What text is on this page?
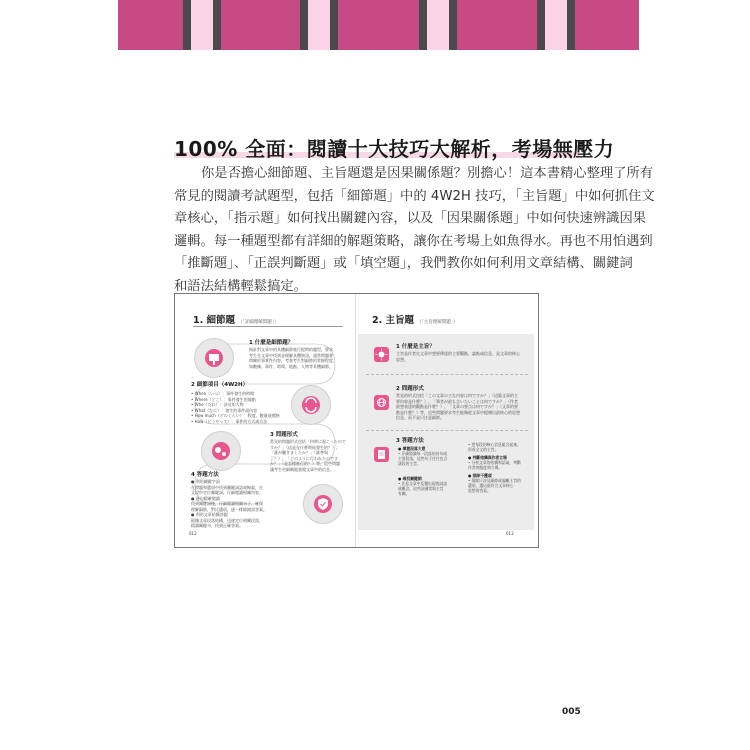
100% 全面：閱讀十大技巧大解析，考場無壓力
你是否擔心細節題、主旨題還是因果關係題？別擔心！這本書精心整理了所有
常見的閱讀考試題型，包括「細節題」中的 4W2H 技巧，「主旨題」中如何抓住文
章核心，「指示題」如何找出關鍵內容，以及「因果關係題」中如何快速辨識因果
邏輯。每一種題型都有詳細的解題策略，讓你在考場上如魚得水。再也不用怕遇到
「推斷題」、「正誤判斷題」或「填空題」，我們教你如何利用文章結構、關鍵詞
和語法結構輕鬆搞定。
1. 細節題 （「詳細理解問題」）
1 什麼是細節題？
指針對文章中的具體細節進行提問的題型，要求
考生在文章中找到並理解具體資訊，通常問題會
問關於事實性內容，考查考生對細節的掌握程度，
如數據、事件、時間、地點、人物等具體細節。
2 細節項目（4W2H）
• When（いつ）：事件發生的時間
• Where（どこ）：事件發生的地點
• Who（だれ）：涉及的人物
• What（なに）：發生的事件或內容
• How much（どのくらい）：程度、數量或價格
• How（どうやって）：事件的方式或方法
3 問題形式
常見的問題形式包括「何時に起こったので
すか？」（這是在什麼時候發生的？）、
「誰が働きましたか？」（誰參與
了？）、「どのように行われたのです
か？」（是怎樣進行的？）等，這些問題
讓考生更細緻地查閱文章中的信息。
4 答題方法
● 利用關鍵字詞
在問題和選項中找到關鍵詞語或線索，在
文段中定位關鍵詞，仔細閱讀相關內容。
● 逐句精確閱讀
找到關鍵詞後，仔細閱讀相關句子，確保
理解細節，對比選項，逐一排除錯誤答案。
● 利用文章結構答題
根據文章段落結構，迅速定位相關段落，
精讀關鍵句，找到正確答案。
012
2. 主旨題 （「主旨理解問題」）
1 什麼是主旨？
主旨是作者在文章中想要傳達的主要觀點、論點或信息，是文章的核心
思想。
2 問題形式
常見的形式包括「この文章の主な内容は何ですか？」（這篇文章的主
要內容是什麼？）、「筆者が最も言いたいことは何ですか？」（作者
最想表達的觀點是什麼？）、「文章の要点は何ですか？」（文章的要
點是什麼？）等，這些問題要求考生能夠從文章中提煉出最核心的思想
信息，而不是只注意細節。
3 答題方法
● 掌握段落大意
• 仔細閱讀每一段落的首句或
主要段落，這些句子往往包含
該段的主旨。
● 尋找關鍵詞
• 注意文章中反覆出現的詞語
或概念，這些詞通常與主旨
有關。
• 把每段的核心信息組合起來，
形成全文的主旨。
● 判斷結構與作者立場
• 分析文章的結構和語氣，判斷
作者的態度和立場。
● 排除干擾項
• 排除只涉及細節或偏離主旨的
選項，選出最符合文章核心
思想的答案。
013
005
